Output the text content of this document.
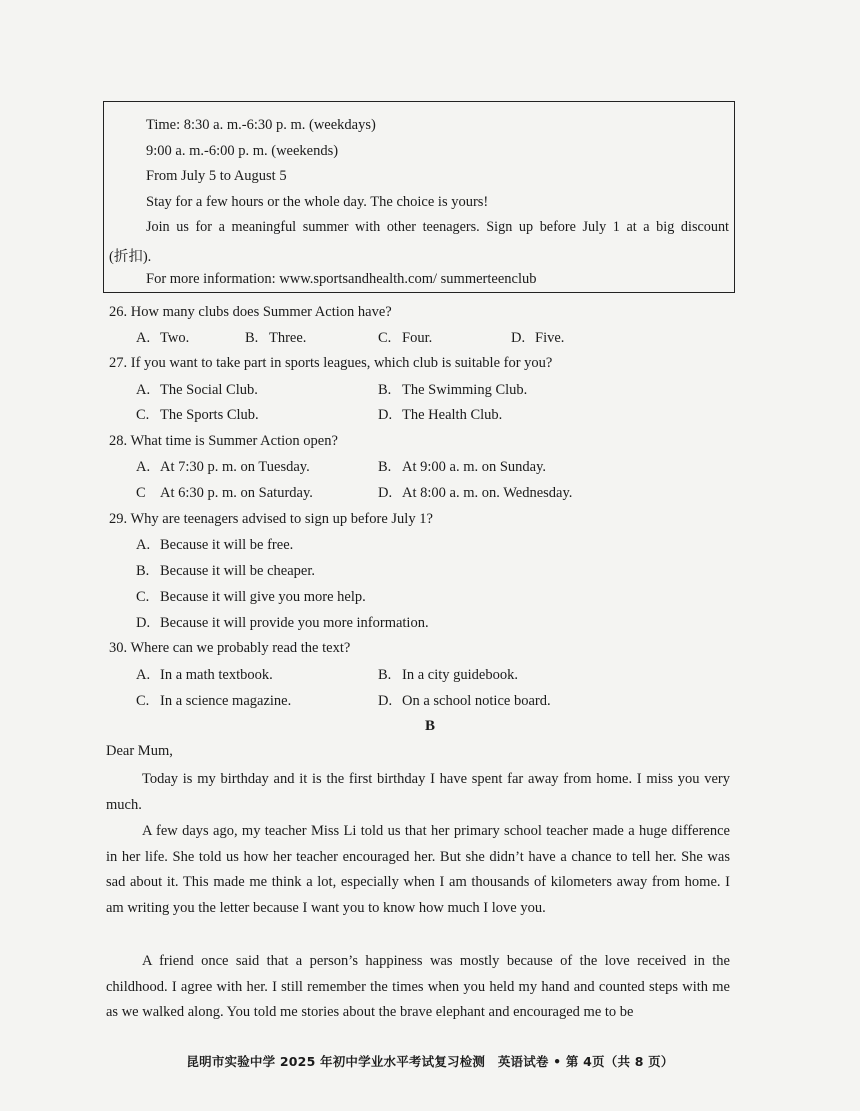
Time: 8:30 a. m.-6:30 p. m. (weekdays)
9:00 a. m.-6:00 p. m. (weekends)
From July 5 to August 5
Stay for a few hours or the whole day. The choice is yours!
Join us for a meaningful summer with other teenagers. Sign up before July 1 at a big discount
(折扣).
For more information: www.sportsandhealth.com/ summerteenclub
26. How many clubs does Summer Action have?
A. Two.	B. Three.	C. Four.	D. Five.
27. If you want to take part in sports leagues, which club is suitable for you?
A. The Social Club.	B. The Swimming Club.
C. The Sports Club.	D. The Health Club.
28. What time is Summer Action open?
A. At 7:30 p. m. on Tuesday.	B. At 9:00 a. m. on Sunday.
C At 6:30 p. m. on Saturday.	D. At 8:00 a. m. on. Wednesday.
29. Why are teenagers advised to sign up before July 1?
A. Because it will be free.
B. Because it will be cheaper.
C. Because it will give you more help.
D. Because it will provide you more information.
30. Where can we probably read the text?
A. In a math textbook.	B. In a city guidebook.
C. In a science magazine.	D. On a school notice board.
B
Dear Mum,
Today is my birthday and it is the first birthday I have spent far away from home. I miss you very much.
A few days ago, my teacher Miss Li told us that her primary school teacher made a huge difference in her life. She told us how her teacher encouraged her. But she didn’t have a chance to tell her. She was sad about it. This made me think a lot, especially when I am thousands of kilometers away from home. I am writing you the letter because I want you to know how much I love you.
A friend once said that a person’s happiness was mostly because of the love received in the childhood. I agree with her. I still remember the times when you held my hand and counted steps with me as we walked along. You told me stories about the brave elephant and encouraged me to be
昆明市实验中学 2025 年初中学业水平考试复习检测　英语试卷 • 第 4页（共 8 页）
